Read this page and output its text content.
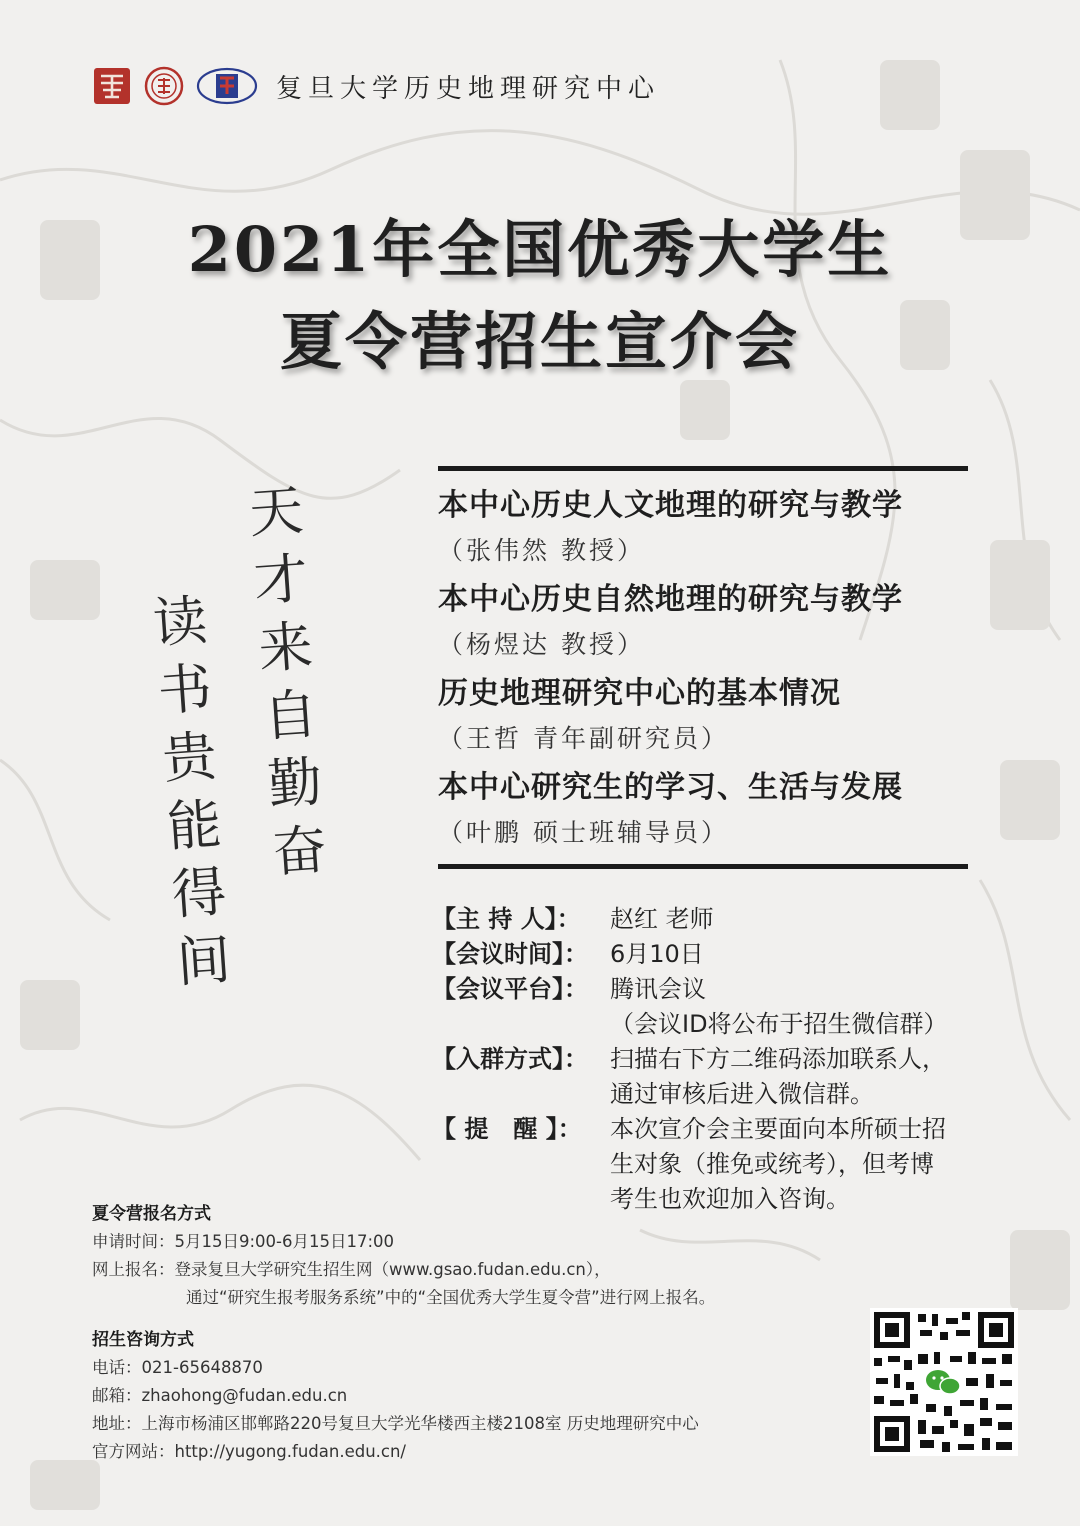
复旦大学历史地理研究中心
2021年全国优秀大学生
夏令营招生宣介会
天才来自勤奋
读书贵能得间
本中心历史人文地理的研究与教学
（张伟然 教授）
本中心历史自然地理的研究与教学
（杨煜达 教授）
历史地理研究中心的基本情况
（王哲 青年副研究员）
本中心研究生的学习、生活与发展
（叶鹏 硕士班辅导员）
【主 持 人】：	赵红 老师
【会议时间】： 6月10日
【会议平台】： 腾讯会议
（会议ID将公布于招生微信群）
【入群方式】： 扫描右下方二维码添加联系人，
通过审核后进入微信群。
【 提   醒 】：	本次宣介会主要面向本所硕士招
生对象（推免或统考），但考博
考生也欢迎加入咨询。
夏令营报名方式
申请时间：5月15日9:00-6月15日17:00
网上报名：登录复旦大学研究生招生网（www.gsao.fudan.edu.cn），
通过“研究生报考服务系统”中的“全国优秀大学生夏令营”进行网上报名。
招生咨询方式
电话：021-65648870
邮箱：zhaohong@fudan.edu.cn
地址：上海市杨浦区邯郸路220号复旦大学光华楼西主楼2108室 历史地理研究中心
官方网站：http://yugong.fudan.edu.cn/
